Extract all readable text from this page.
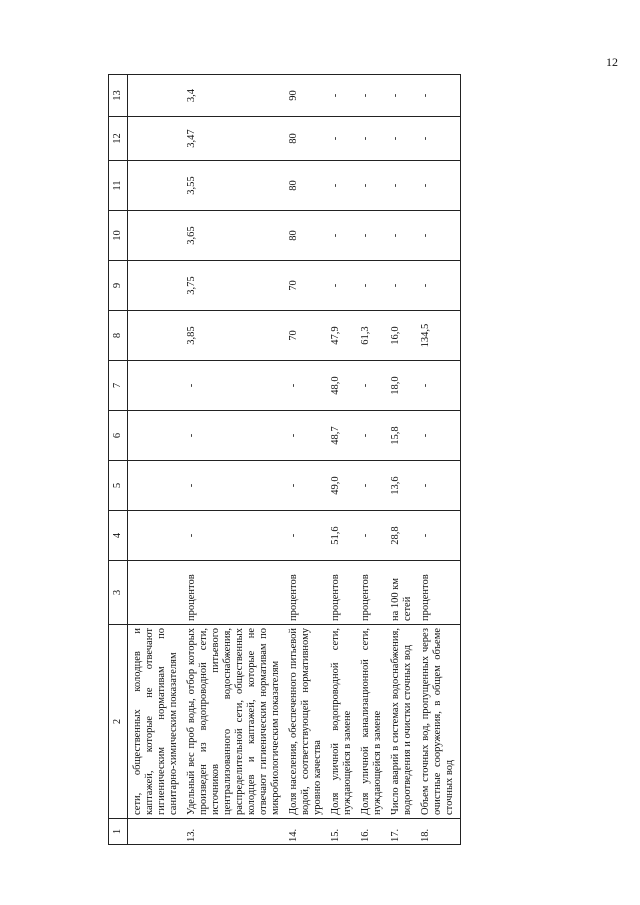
12
1	2	3	4	5	6	7	8	9	10	11	12	13
	сети, общественных колодцев и каптажей, которые не отвечают гигиеническим нормативам по санитарно-химическим показателям											
13.	Удельный вес проб воды, отбор которых произведен из водопроводной сети, источников питьевого централизованного водоснабжения, распределительной сети, общественных колодцев и каптажей, которые не отвечают гигиеническим нормативам по микробиологическим показателям	процентов	-	-	-	-	3,85	3,75	3,65	3,55	3,47	3,4
14.	Доля населения, обеспеченного питьевой водой, соответствующей нормативному уровню качества	процентов	-	-	-	-	70	70	80	80	80	90
15.	Доля уличной водопроводной сети, нуждающейся в замене	процентов	51,6	49,0	48,7	48,0	47,9	-	-	-	-	-
16.	Доля уличной канализационной сети, нуждающейся в замене	процентов	-	-	-	-	61,3	-	-	-	-	-
17.	Число аварий в системах водоснабжения, водоотведения и очистки сточных вод	на 100 км сетей	28,8	13,6	15,8	18,0	16,0	-	-	-	-	-
18.	Объем сточных вод, пропущенных через очистные сооружения, в общем объеме сточных вод	процентов	-	-	-	-	134,5	-	-	-	-	-
